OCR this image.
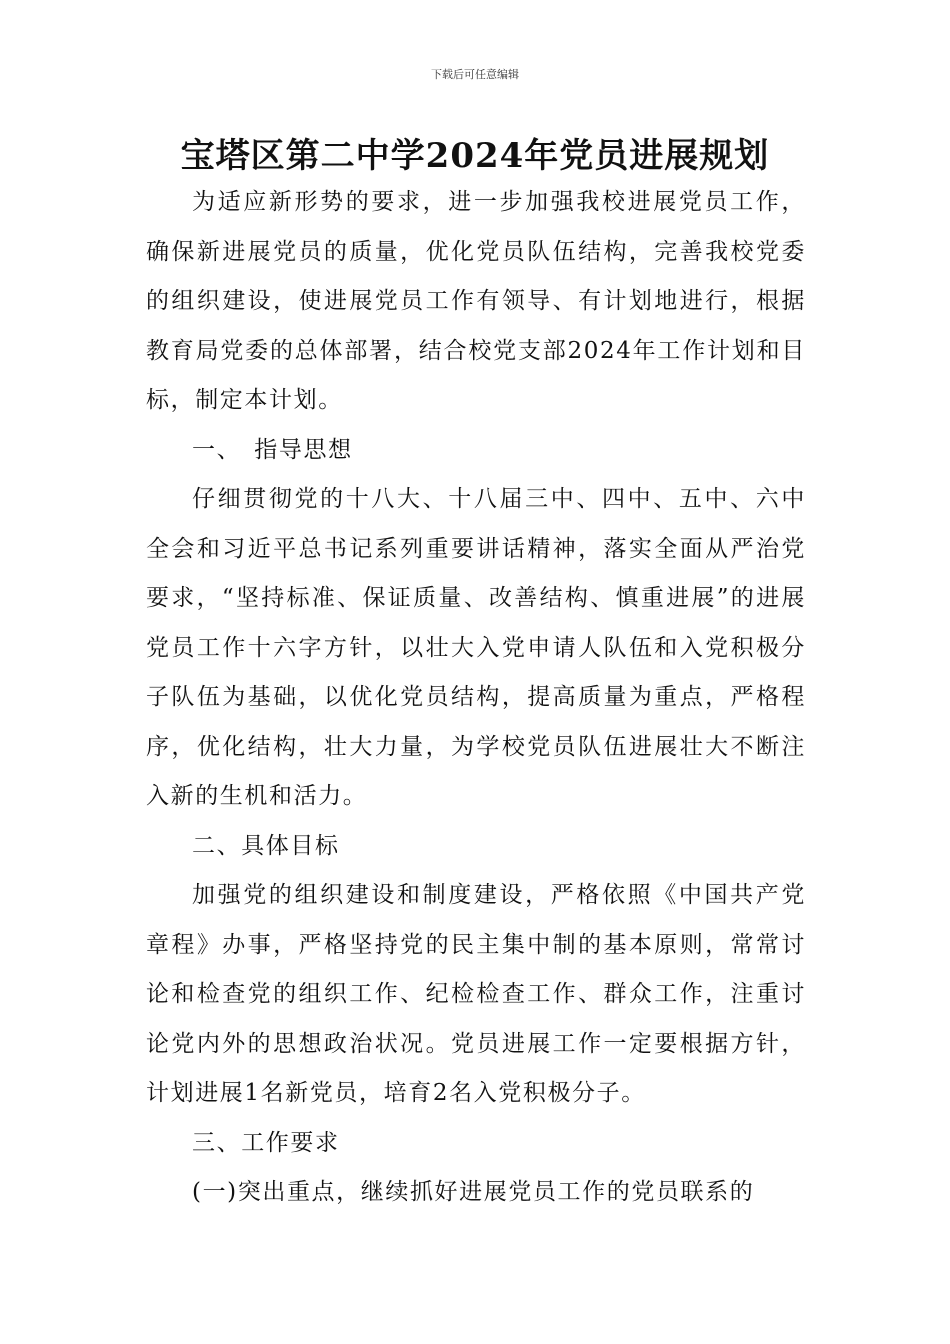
下载后可任意编辑
宝塔区第二中学2024年党员进展规划

为适应新形势的要求，进一步加强我校进展党员工作，确保新进展党员的质量，优化党员队伍结构，完善我校党委的组织建设，使进展党员工作有领导、有计划地进行，根据教育局党委的总体部署，结合校党支部2024年工作计划和目标，制定本计划。

一、　指导思想

仔细贯彻党的十八大、十八届三中、四中、五中、六中全会和习近平总书记系列重要讲话精神，落实全面从严治党要求，“坚持标准、保证质量、改善结构、慎重进展”的进展党员工作十六字方针，以壮大入党申请人队伍和入党积极分子队伍为基础，以优化党员结构，提高质量为重点，严格程序，优化结构，壮大力量，为学校党员队伍进展壮大不断注入新的生机和活力。

二、具体目标

加强党的组织建设和制度建设，严格依照《中国共产党章程》办事，严格坚持党的民主集中制的基本原则，常常讨论和检查党的组织工作、纪检检查工作、群众工作，注重讨论党内外的思想政治状况。党员进展工作一定要根据方针，计划进展1名新党员，培育2名入党积极分子。

三、工作要求

(一)突出重点，继续抓好进展党员工作的党员联系的
